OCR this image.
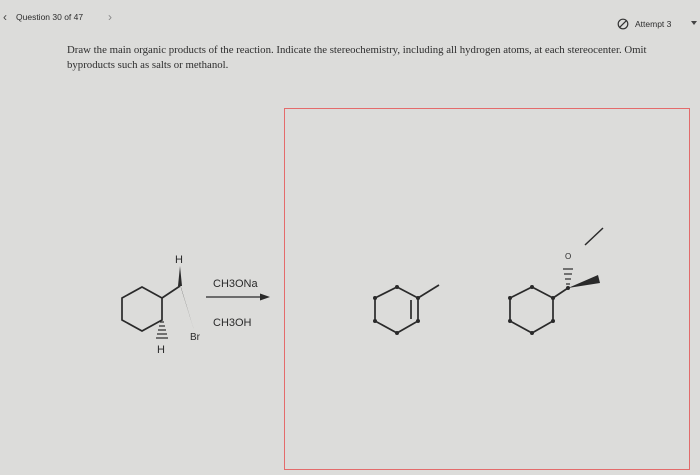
‹ Question 30 of 47 ›	Attempt 3
Draw the main organic products of the reaction. Indicate the stereochemistry, including all hydrogen atoms, at each stereocenter. Omit byproducts such as salts or methanol.
H
Br
H
CH3ONa
CH3OH
O
